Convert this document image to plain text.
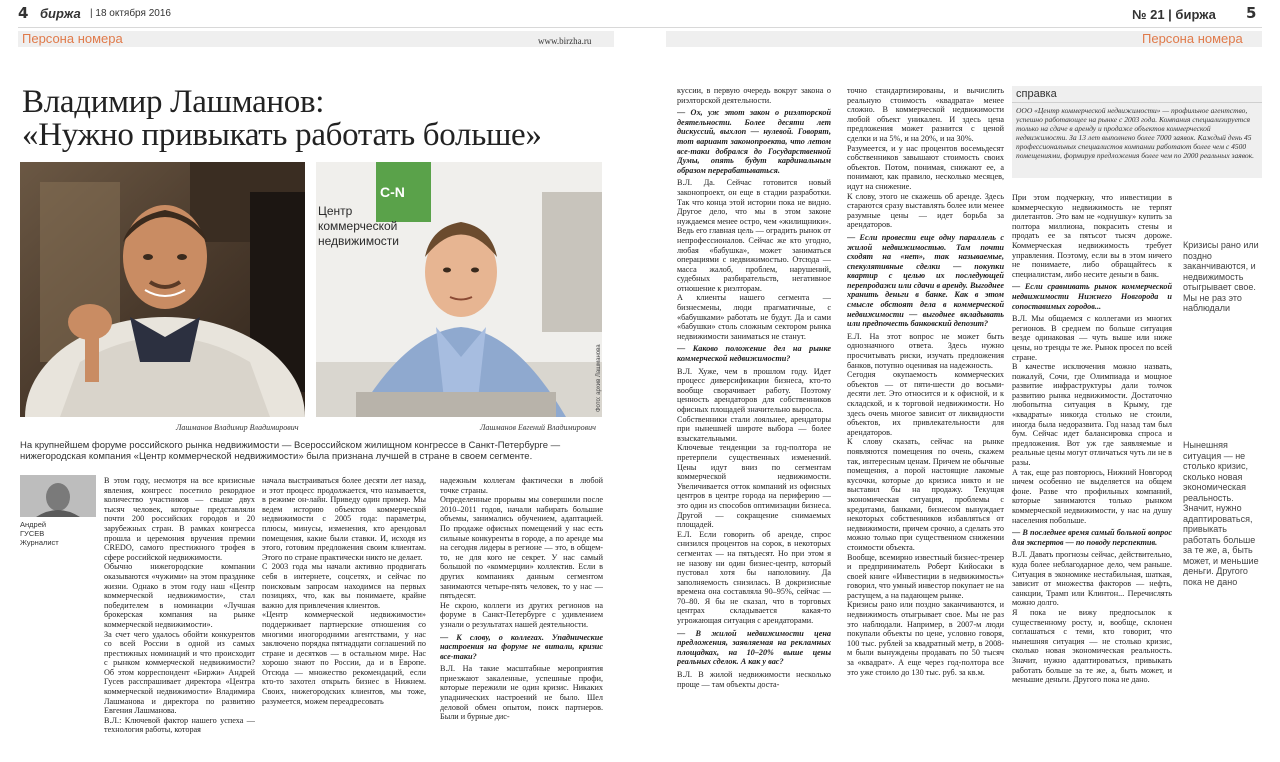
4 биржа | 18 октября 2016	№ 21 | биржа 5
Персона номера	www.birzha.ru	Персона номера
Владимир Лашманов:
«Нужно привыкать работать больше»
Лашманов Владимир Владимирович
C-N
Центр
коммерческой
недвижимости
Лашманов Евгений Владимирович
Фото: архив Лашманова
На крупнейшем форуме российского рынка недвижимости — Всероссийском жилищном конгрессе в Санкт-Петербурге — нижегородская компания «Центр коммерческой недвижимости» была признана лучшей в стране в своем сегменте.
Андрей
ГУСЕВ
Журналист

В этом году, несмотря на все кризисные явления, конгресс посетило рекордное количество участников — свыше двух тысяч человек, которые представляли почти 200 российских городов и 20 зарубежных стран. В рамках конгресса прошла и церемония вручения премии CREDO, самого престижного трофея в сфере российской недвижимости.

Обычно нижегородские компании оказываются «чужими» на этом празднике жизни. Однако в этом году наш «Центр коммерческой недвижимости», стал победителем в номинации «Лучшая брокерская компания на рынке коммерческой недвижимости».

За счет чего удалось обойти конкурентов со всей России в одной из самых престижных номинаций и что происходит с рынком коммерческой недвижимости? Об этом корреспондент «Биржи» Андрей Гусев расспрашивает директора «Центра коммерческой недвижимости» Владимира Лашманова и директора по развитию Евгения Лашманова.

В.Л.: Ключевой фактор нашего успеха — технология работы, которая

начала выстраиваться более десяти лет назад, и этот процесс продолжается, что называется, в режиме он-лайн. Приведу один пример. Мы ведем историю объектов коммерческой недвижимости с 2005 года: параметры, плюсы, минусы, изменения, кто арендовал помещения, какие были ставки. И, исходя из этого, готовим предложения своим клиентам. Этого по стране практически никто не делает.

С 2003 года мы начали активно продвигать себя в интернете, соцсетях, и сейчас по поисковым запросам находимся на первых позициях, что, как вы понимаете, крайне важно для привлечения клиентов.

«Центр коммерческой недвижимости» поддерживает партнерские отношения со многими иногородними агентствами, у нас заключено порядка пятнадцати соглашений по стране и десятков — в остальном мире. Нас хорошо знают по России, да и в Европе. Отсюда — множество рекомендаций, если кто-то захотел открыть бизнес в Нижнем. Своих, нижегородских клиентов, мы тоже, разумеется, можем переадресовать

надежным коллегам фактически в любой точке страны.

Определенные прорывы мы совершили после 2010–2011 годов, начали набирать большие объемы, занимались обучением, адаптацией. По продаже офисных помещений у нас есть сильные конкуренты в городе, а по аренде мы на сегодня лидеры в регионе — это, в общем-то, не для кого не секрет. У нас самый большой по «коммерции» коллектив. Если в других компаниях данным сегментом занимаются четыре-пять человек, то у нас — пятьдесят.

Не скрою, коллеги из других регионов на форуме в Санкт-Петербурге с удивлением узнали о результатах нашей деятельности.

— К слову, о коллегах. Упаднические настроения на форуме не витали, кризис все-таки?

В.Л. На такие масштабные мероприятия приезжают закаленные, успешные профи, которые пережили не один кризис. Никаких упаднических настроений не было. Шел деловой обмен опытом, поиск партнеров. Были и бурные дис-

куссии, в первую очередь вокруг закона о риэлторской деятельности.

— Ох, уж этот закон о риэлторской деятельности. Более десяти лет дискуссий, выхлоп — нулевой. Говорят, тот вариант законопроекта, что летом все-таки добрался до Государственной Думы, опять будут кардинальным образом перерабатываться.

В.Л. Да. Сейчас готовится новый законопроект, он еще в стадии разработки. Так что конца этой истории пока не видно. Другое дело, что мы в этом законе нуждаемся менее остро, чем «жилищники». Ведь его главная цель — оградить рынок от непрофессионалов. Сейчас же кто угодно, любая «бабушка», может заниматься операциями с недвижимостью. Отсюда — масса жалоб, проблем, нарушений, судебных разбирательств, негативное отношение к риэлторам.

А клиенты нашего сегмента — бизнесмены, люди прагматичные, с «бабушками» работать не будут. Да и сами «бабушки» столь сложным сектором рынка недвижимости заниматься не станут.

— Каково положение дел на рынке коммерческой недвижимости?

В.Л. Хуже, чем в прошлом году. Идет процесс диверсификации бизнеса, кто-то вообще сворачивает работу. Поэтому ценность арендаторов для собственников офисных площадей значительно выросла.

Собственники стали лояльнее, арендаторы при нынешней широте выбора — более взыскательными.

Ключевые тенденции за год-полтора не претерпели существенных изменений. Цены идут вниз по сегментам коммерческой недвижимости. Увеличивается отток компаний из офисных центров в центре города на периферию — это один из способов оптимизации бизнеса. Другой — сокращение снимаемых площадей.

Е.Л. Если говорить об аренде, спрос снизился процентов на сорок, в некоторых сегментах — на пятьдесят. Но при этом я не назову ни один бизнес-центр, который пустовал хотя бы наполовину. Да заполняемость снизилась. В докризисные времена она составляла 90–95%, сейчас — 70–80. Я бы не сказал, что в торговых центрах складывается какая-то угрожающая ситуация с арендаторами.

— В жилой недвижимости цена предложения, заявляемая на рекламных площадках, на 10–20% выше цены реальных сделок. А как у вас?

В.Л. В жилой недвижимости несколько проще — там объекты доста-

точно стандартизированы, и вычислить реальную стоимость «квадрата» менее сложно. В коммерческой недвижимости любой объект уникален. И здесь цена предложения может разнится с ценой сделки и на 5%, и на 20%, и на 30%.

Разумеется, и у нас процентов восемьдесят собственников завышают стоимость своих объектов. Потом, понимая, снижают ее, а понимают, как правило, несколько месяцев, идут на снижение.

К слову, этого не скажешь об аренде. Здесь стараются сразу выставлять более или менее разумные цены — идет борьба за арендаторов.

— Если провести еще одну параллель с жилой недвижимостью. Там почти сходят на «нет», так называемые, спекулятивные сделки — покупки квартир с целью их последующей перепродажи или сдачи в аренду. Выгоднее хранить деньги в банке. Как в этом смысле обстоят дела в коммерческой недвижимости — выгоднее вкладывать или предпочесть банковский депозит?

Е.Л. На этот вопрос не может быть однозначного ответа. Здесь нужно просчитывать риски, изучать предложения банков, потупно оценивая на надежность.

Сегодня окупаемость коммерческих объектов — от пяти-шести до восьми-десяти лет. Это относится и к офисной, и к складской, и к торговой недвижимости. Но здесь очень многое зависит от ликвидности объектов, их привлекательности для арендаторов.

К слову сказать, сейчас на рынке появляются помещения по очень, скажем так, интересным ценам. Причем не обычные помещения, а порой настоящие лакомые кусочки, которые до кризиса никто и не выставил бы на продажу. Текущая экономическая ситуация, проблемы с кредитами, банками, бизнесом вынуждает некоторых собственников избавляться от недвижимости, причем срочно, а сделать это можно только при существенном снижении стоимости объекта.

Вообще, всемирно известный бизнес-тренер и предприниматель Роберт Кийосаки в своей книге «Инвестиции в недвижимость» говорил, что умный инвестор покупает не на растущем, а на падающем рынке.

Кризисы рано или поздно заканчиваются, и недвижимость отыгрывает свое. Мы не раз это наблюдали. Например, в 2007-м люди покупали объекты по цене, условно говоря, 100 тыс. рублей за квадратный метр, в 2008-м были вынуждены продавать по 50 тысяч за «квадрат». А еще через год-полтора все это уже стоило до 130 тыс. руб. за кв.м.

справка
ООО «Центр коммерческой недвижимости» — профильное агентство, успешно работающее на рынке с 2003 года. Компания специализируется только на сдаче в аренду и продаже объектов коммерческой недвижимости. За 13 лет выполнено более 7000 заявок. Каждый день 45 профессиональных специалистов компании работают более чем с 4500 помещениями, формируя предложения более чем по 2000 реальных заявок.

При этом подчеркну, что инвестиции в коммерческую недвижимость не терпят дилетантов. Это вам не «однушку» купить за полтора миллиона, покрасить стены и продать ее за пятьсот тысяч дороже. Коммерческая недвижимость требует управления. Поэтому, если вы в этом ничего не понимаете, либо обращайтесь к специалистам, либо несите деньги в банк.

— Если сравнивать рынок коммерческой недвижимости Нижнего Новгорода и сопоставимых городов...

В.Л. Мы общаемся с коллегами из многих регионов. В среднем по больше ситуация везде одинаковая — чуть выше или ниже цены, но тренды те же. Рынок просел по всей стране.

В качестве исключения можно назвать, пожалуй, Сочи, где Олимпиада и мощное развитие инфраструктуры дали толчок развитию рынка недвижимости. Достаточно любопытна ситуация в Крыму, где «квадраты» никогда столько не стоили, иногда была недоразвита. Год назад там был бум. Сейчас идет балансировка спроса и предложения. Вот уж где заявляемые и реальные цены могут отличаться чуть ли не в разы.

А так, еще раз повторюсь, Нижний Новгород ничем особенно не выделяется на общем фоне. Разве что профильных компаний, которые занимаются только рынком коммерческой недвижимости, у нас на душу населения побольше.

— В последнее время самый больной вопрос для экспертов — по поводу перспектив.

В.Л. Давать прогнозы сейчас, действительно, куда более неблагодарное дело, чем раньше. Ситуация в экономике нестабильная, шаткая, зависит от множества факторов — нефть, санкции, Трамп или Клинтон... Перечислять можно долго.

Я пока не вижу предпосылок к существенному росту, и, вообще, склонен соглашаться с теми, кто говорит, что нынешняя ситуация — не столько кризис, сколько новая экономическая реальность. Значит, нужно адаптироваться, привыкать работать больше за те же, а, быть может, и меньшие деньги. Другого пока не дано.

Кризисы рано или поздно заканчиваются, и недвижимость отыгрывает свое. Мы не раз это наблюдали
Нынешняя ситуация — не столько кризис, сколько новая экономическая реальность. Значит, нужно адаптироваться, привыкать работать больше за те же, а, быть может, и меньшие деньги. Другого пока не дано
